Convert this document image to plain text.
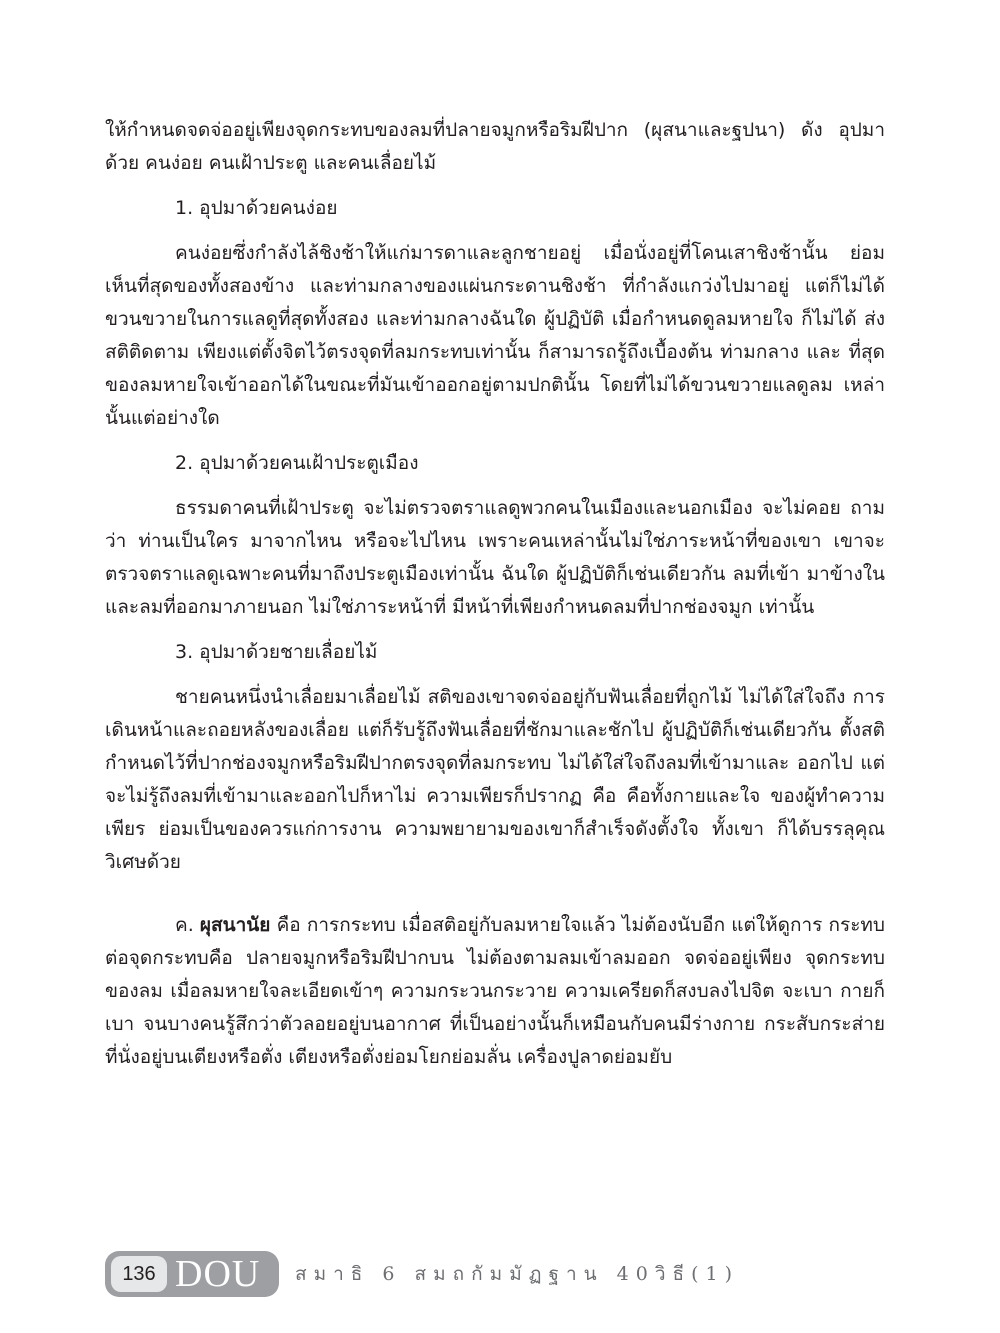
ให้กำหนดจดจ่ออยู่เพียงจุดกระทบของลมที่ปลายจมูกหรือริมฝีปาก (ผุสนาและฐปนา) ดัง อุปมาด้วย คนง่อย คนเฝ้าประตู และคนเลื่อยไม้

1. อุปมาด้วยคนง่อย

คนง่อยซึ่งกำลังไล้ชิงช้าให้แก่มารดาและลูกชายอยู่ เมื่อนั่งอยู่ที่โคนเสาชิงช้านั้น ย่อม เห็นที่สุดของทั้งสองข้าง และท่ามกลางของแผ่นกระดานชิงช้า ที่กำลังแกว่งไปมาอยู่ แต่ก็ไม่ได้ ขวนขวายในการแลดูที่สุดทั้งสอง และท่ามกลางฉันใด ผู้ปฏิบัติ เมื่อกำหนดดูลมหายใจ ก็ไม่ได้ ส่งสติติดตาม เพียงแต่ตั้งจิตไว้ตรงจุดที่ลมกระทบเท่านั้น ก็สามารถรู้ถึงเบื้องต้น ท่ามกลาง และ ที่สุดของลมหายใจเข้าออกได้ในขณะที่มันเข้าออกอยู่ตามปกตินั้น โดยที่ไม่ได้ขวนขวายแลดูลม เหล่านั้นแต่อย่างใด

2. อุปมาด้วยคนเฝ้าประตูเมือง

ธรรมดาคนที่เฝ้าประตู จะไม่ตรวจตราแลดูพวกคนในเมืองและนอกเมือง จะไม่คอย ถามว่า ท่านเป็นใคร มาจากไหน หรือจะไปไหน เพราะคนเหล่านั้นไม่ใช่ภาระหน้าที่ของเขา เขาจะตรวจตราแลดูเฉพาะคนที่มาถึงประตูเมืองเท่านั้น ฉันใด ผู้ปฏิบัติก็เช่นเดียวกัน ลมที่เข้า มาข้างในและลมที่ออกมาภายนอก ไม่ใช่ภาระหน้าที่ มีหน้าที่เพียงกำหนดลมที่ปากช่องจมูก เท่านั้น

3. อุปมาด้วยชายเลื่อยไม้

ชายคนหนึ่งนำเลื่อยมาเลื่อยไม้ สติของเขาจดจ่ออยู่กับฟันเลื่อยที่ถูกไม้ ไม่ได้ใส่ใจถึง การเดินหน้าและถอยหลังของเลื่อย แต่ก็รับรู้ถึงฟันเลื่อยที่ชักมาและชักไป ผู้ปฏิบัติก็เช่นเดียวกัน ตั้งสติกำหนดไว้ที่ปากช่องจมูกหรือริมฝีปากตรงจุดที่ลมกระทบ ไม่ได้ใส่ใจถึงลมที่เข้ามาและ ออกไป แต่จะไม่รู้ถึงลมที่เข้ามาและออกไปก็หาไม่ ความเพียรก็ปรากฏ คือ คือทั้งกายและใจ ของผู้ทำความเพียร ย่อมเป็นของควรแก่การงาน ความพยายามของเขาก็สำเร็จดังตั้งใจ ทั้งเขา ก็ได้บรรลุคุณวิเศษด้วย

ค. ผุสนานัย คือ การกระทบ เมื่อสติอยู่กับลมหายใจแล้ว ไม่ต้องนับอีก แต่ให้ดูการ กระทบต่อจุดกระทบคือ ปลายจมูกหรือริมฝีปากบน ไม่ต้องตามลมเข้าลมออก จดจ่ออยู่เพียง จุดกระทบของลม เมื่อลมหายใจละเอียดเข้าๆ ความกระวนกระวาย ความเครียดก็สงบลงไปจิต จะเบา กายก็เบา จนบางคนรู้สึกว่าตัวลอยอยู่บนอากาศ ที่เป็นอย่างนั้นก็เหมือนกับคนมีร่างกาย กระสับกระส่ายที่นั่งอยู่บนเตียงหรือตั่ง เตียงหรือตั่งย่อมโยกย่อมลั่น เครื่องปูลาดย่อมยับ

136 DOU สมาธิ 6 สมถกัมมัฏฐาน 40วิธี(1)
